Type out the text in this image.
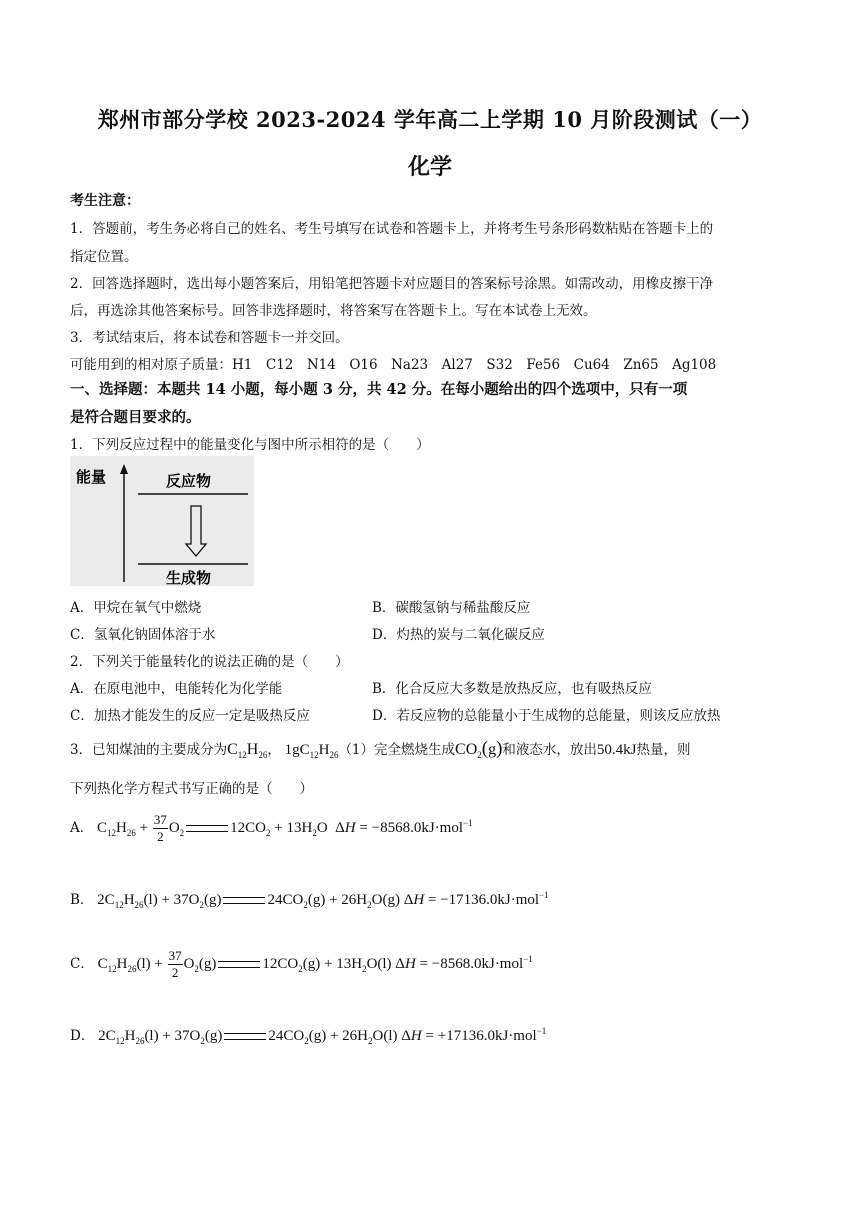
郑州市部分学校 2023-2024 学年高二上学期 10 月阶段测试（一）
化学
考生注意：
1．答题前，考生务必将自己的姓名、考生号填写在试卷和答题卡上，并将考生号条形码数粘贴在答题卡上的
指定位置。
2．回答选择题时，选出每小题答案后，用铅笔把答题卡对应题目的答案标号涂黑。如需改动，用橡皮擦干净
后，再选涂其他答案标号。回答非选择题时，将答案写在答题卡上。写在本试卷上无效。
3．考试结束后，将本试卷和答题卡一并交回。
可能用到的相对原子质量：H1　C12　N14　O16　Na23　Al27　S32　Fe56　Cu64　Zn65　Ag108
一、选择题：本题共 14 小题，每小题 3 分，共 42 分。在每小题给出的四个选项中，只有一项
是符合题目要求的。
1．下列反应过程中的能量变化与图中所示相符的是（　　）
能量	反应物
生成物
A．甲烷在氧气中燃烧	B．碳酸氢钠与稀盐酸反应
C．氢氧化钠固体溶于水	D．灼热的炭与二氧化碳反应
2．下列关于能量转化的说法正确的是（　　）
A．在原电池中，电能转化为化学能	B．化合反应大多数是放热反应，也有吸热反应
C．加热才能发生的反应一定是吸热反应	D．若反应物的总能量小于生成物的总能量，则该反应放热
3．已知煤油的主要成分为$C_{12}H_{26}$， $1gC_{12}H_{26}(1)$完全燃烧生成$CO_2(g)$和液态水，放出50.4kJ热量，则
下列热化学方程式书写正确的是（　　）
A． $C_{12}H_{26} + \frac{37}{2} O_2$	$12CO_2 + 13H_2O$  ΔH = −8568.0kJ·mol$^{-1}$
B． $2C_{12}H_{26}(l) + 37O_2(g)$	$24CO_2(g) + 26H_2O(g) \Delta H = -17136.0kJ\cdot mol^{-1}$
C． $C_{12}H_{26}(l) + \frac{37}{2} O_2(g)$	$12CO_2(g) + 13H_2O(l) \Delta H = -8568.0kJ\cdot mol^{-1}$
D． $2C_{12}H_{26}(l) + 37O_2(g)$	$24CO_2(g) + 26H_2O(l) \Delta H = +17136.0kJ\cdot mol^{-1}$
